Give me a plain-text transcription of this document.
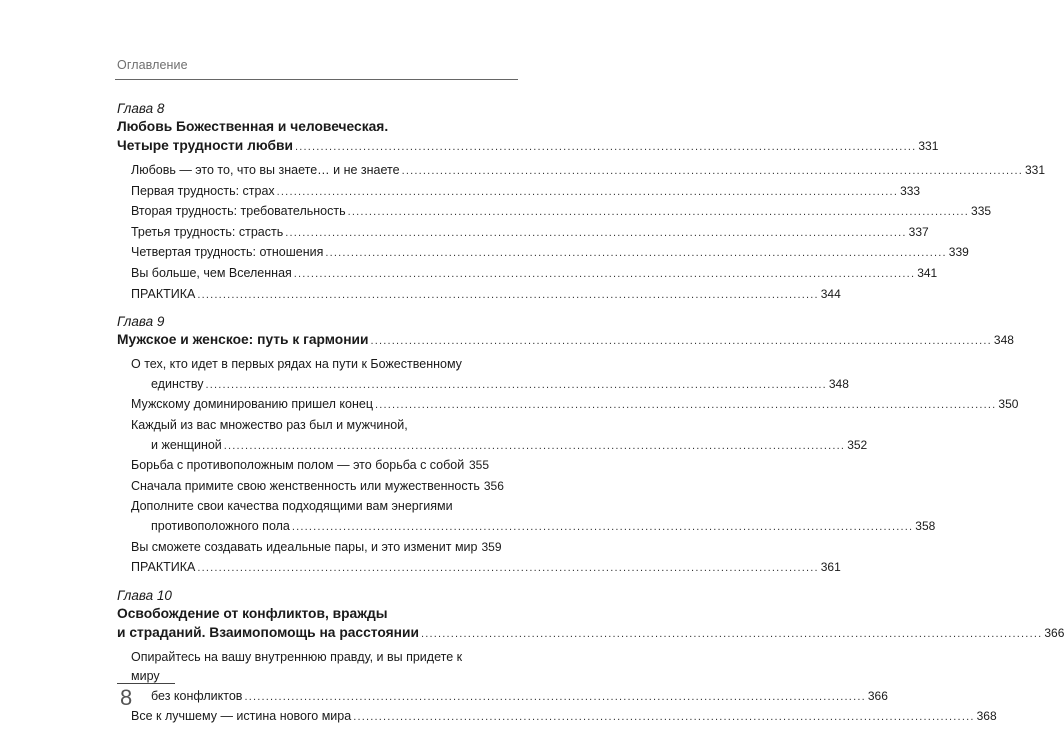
Оглавление
Глава 8
Любовь Божественная и человеческая.
Четыре трудности любви .................................................................................................................................................. 331
Любовь — это то, что вы знаете… и не знаете .................................................................................................................................................. 331
Первая трудность: страх .................................................................................................................................................. 333
Вторая трудность: требовательность .................................................................................................................................................. 335
Третья трудность: страсть .................................................................................................................................................. 337
Четвертая трудность: отношения .................................................................................................................................................. 339
Вы больше, чем Вселенная .................................................................................................................................................. 341
ПРАКТИКА .................................................................................................................................................. 344
Глава 9
Мужское и женское: путь к гармонии .................................................................................................................................................. 348
О тех, кто идет в первых рядах на пути к Божественному
единству .................................................................................................................................................. 348
Мужскому доминированию пришел конец .................................................................................................................................................. 350
Каждый из вас множество раз был и мужчиной,
и женщиной .................................................................................................................................................. 352
Борьба с противоположным полом — это борьба с собой 355
Сначала примите свою женственность или мужественность 356
Дополните свои качества подходящими вам энергиями
противоположного пола .................................................................................................................................................. 358
Вы сможете создавать идеальные пары, и это изменит мир 359
ПРАКТИКА .................................................................................................................................................. 361
Глава 10
Освобождение от конфликтов, вражды
и страданий. Взаимопомощь на расстоянии .................................................................................................................................................. 366
Опирайтесь на вашу внутреннюю правду, и вы придете к миру
без конфликтов .................................................................................................................................................. 366
Все к лучшему — истина нового мира .................................................................................................................................................. 368
8
